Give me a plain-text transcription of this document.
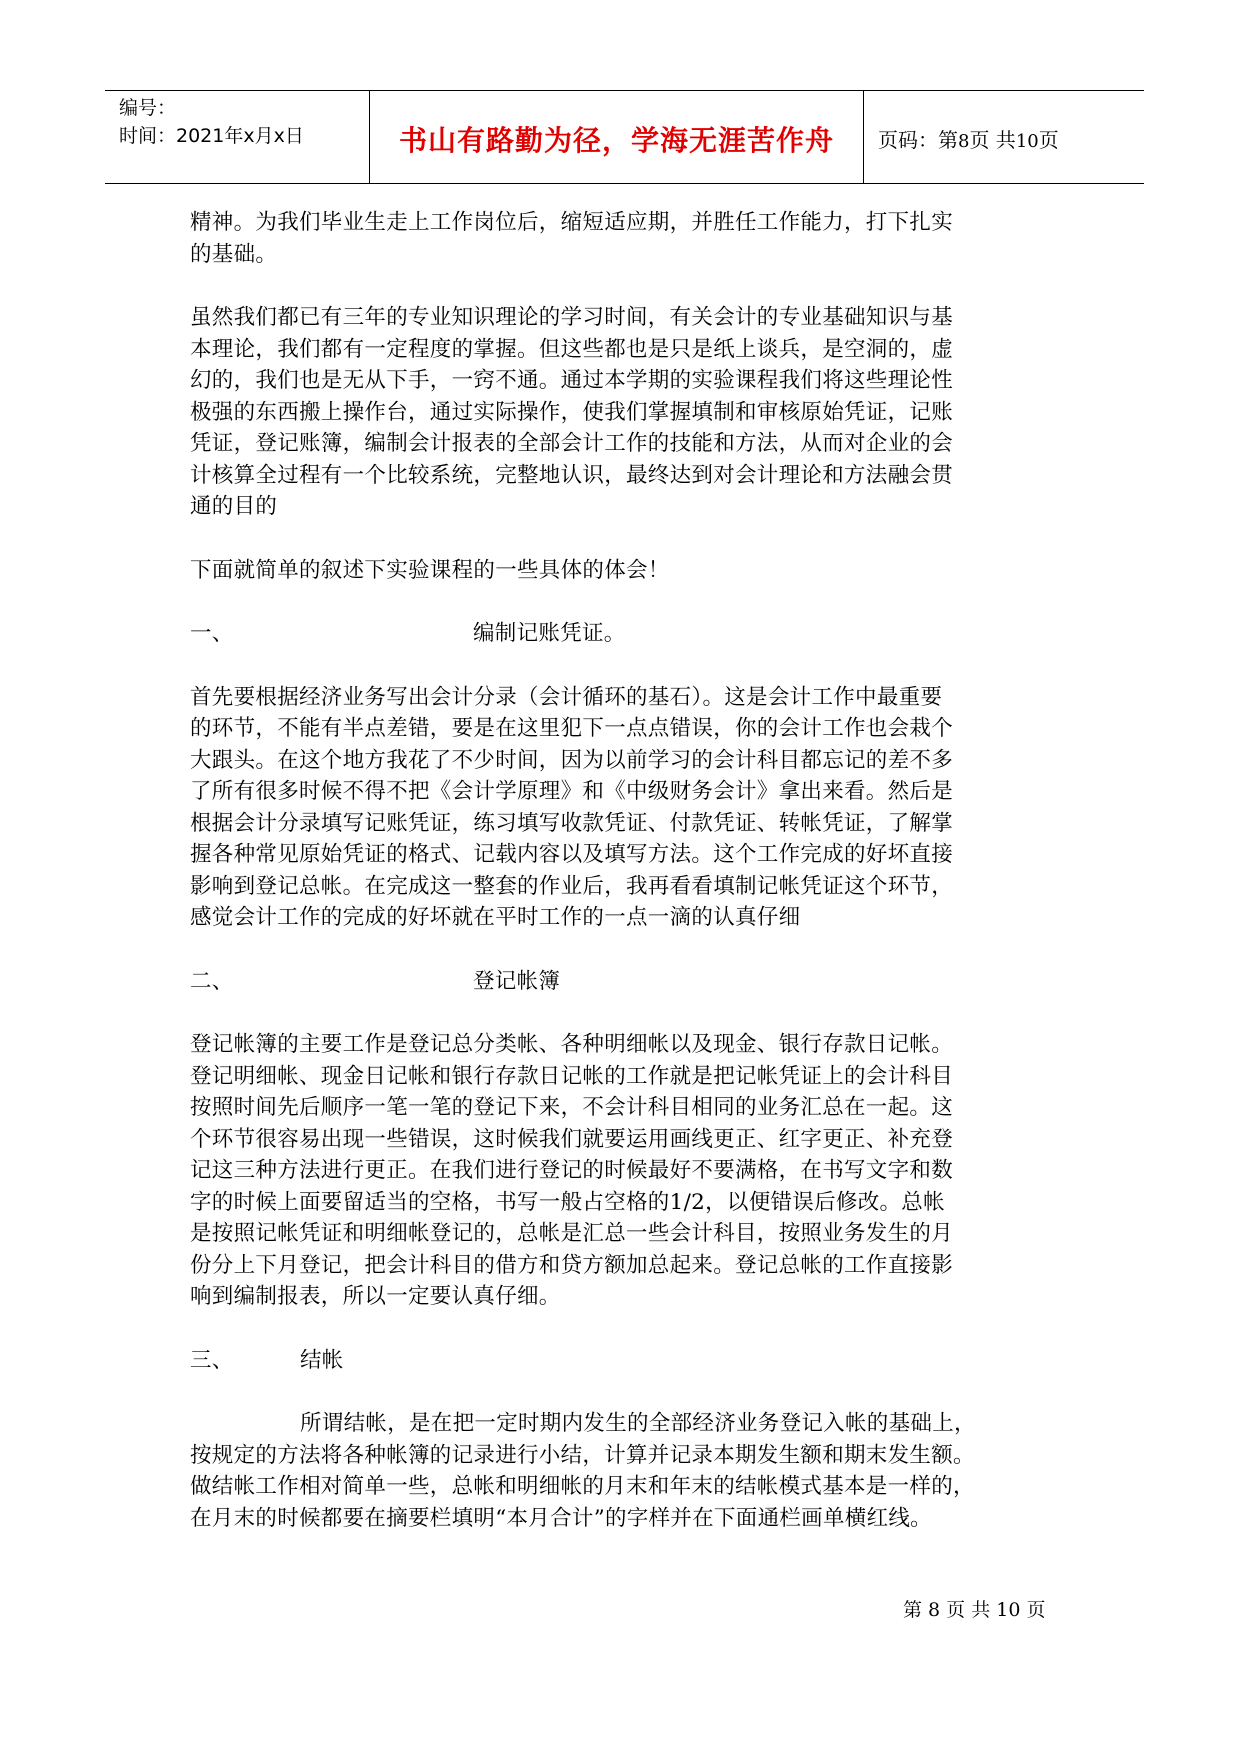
编号：
时间：2021年x月x日	书山有路勤为径，学海无涯苦作舟	页码：第8页 共10页

精神。为我们毕业生走上工作岗位后，缩短适应期，并胜任工作能力，打下扎实
的基础。

虽然我们都已有三年的专业知识理论的学习时间，有关会计的专业基础知识与基
本理论，我们都有一定程度的掌握。但这些都也是只是纸上谈兵，是空洞的，虚
幻的，我们也是无从下手，一窍不通。通过本学期的实验课程我们将这些理论性
极强的东西搬上操作台，通过实际操作，使我们掌握填制和审核原始凭证，记账
凭证，登记账簿，编制会计报表的全部会计工作的技能和方法，从而对企业的会
计核算全过程有一个比较系统，完整地认识，最终达到对会计理论和方法融会贯
通的目的

下面就简单的叙述下实验课程的一些具体的体会！

一、	编制记账凭证。

首先要根据经济业务写出会计分录（会计循环的基石）。这是会计工作中最重要
的环节，不能有半点差错，要是在这里犯下一点点错误，你的会计工作也会栽个
大跟头。在这个地方我花了不少时间，因为以前学习的会计科目都忘记的差不多
了所有很多时候不得不把《会计学原理》和《中级财务会计》拿出来看。然后是
根据会计分录填写记账凭证，练习填写收款凭证、付款凭证、转帐凭证，了解掌
握各种常见原始凭证的格式、记载内容以及填写方法。这个工作完成的好坏直接
影响到登记总帐。在完成这一整套的作业后，我再看看填制记帐凭证这个环节，
感觉会计工作的完成的好坏就在平时工作的一点一滴的认真仔细

二、	登记帐簿

登记帐簿的主要工作是登记总分类帐、各种明细帐以及现金、银行存款日记帐。
登记明细帐、现金日记帐和银行存款日记帐的工作就是把记帐凭证上的会计科目
按照时间先后顺序一笔一笔的登记下来，不会计科目相同的业务汇总在一起。这
个环节很容易出现一些错误，这时候我们就要运用画线更正、红字更正、补充登
记这三种方法进行更正。在我们进行登记的时候最好不要满格，在书写文字和数
字的时候上面要留适当的空格，书写一般占空格的1/2，以便错误后修改。总帐
是按照记帐凭证和明细帐登记的，总帐是汇总一些会计科目，按照业务发生的月
份分上下月登记，把会计科目的借方和贷方额加总起来。登记总帐的工作直接影
响到编制报表，所以一定要认真仔细。

三、	结帐

所谓结帐，是在把一定时期内发生的全部经济业务登记入帐的基础上，
按规定的方法将各种帐簿的记录进行小结，计算并记录本期发生额和期末发生额。
做结帐工作相对简单一些，总帐和明细帐的月末和年末的结帐模式基本是一样的，
在月末的时候都要在摘要栏填明“本月合计”的字样并在下面通栏画单横红线。

第 8 页 共 10 页
